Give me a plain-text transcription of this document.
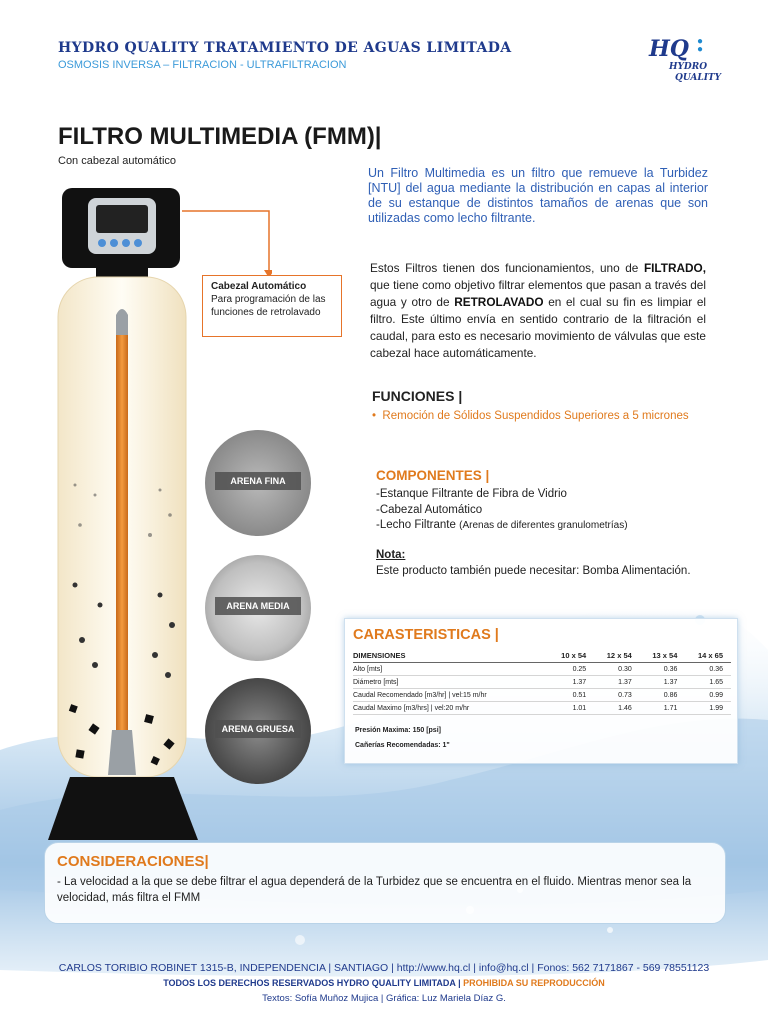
HYDRO QUALITY TRATAMIENTO DE AGUAS LIMITADA
OSMOSIS INVERSA – FILTRACION - ULTRAFILTRACION
HQ ●
●
HYDRO
QUALITY
FILTRO MULTIMEDIA (FMM)|
Con cabezal automático
Cabezal Automático
Para programación de las funciones de retrolavado
ARENA FINA
ARENA MEDIA
ARENA GRUESA
Un Filtro Multimedia es un filtro que remueve la Turbidez [NTU] del agua mediante la distribución en capas al interior de su estanque de distintos tamaños de arenas que son utilizadas como lecho filtrante.
Estos Filtros tienen dos funcionamientos, uno de FILTRADO, que tiene como objetivo filtrar elementos que pasan a través del agua y otro de RETROLAVADO en el cual su fin es limpiar el filtro. Este último envía en sentido contrario de la filtración el caudal, para esto es necesario movimiento de válvulas que este cabezal hace automáticamente.
FUNCIONES |
•  Remoción de Sólidos Suspendidos Superiores a 5 micrones
COMPONENTES |
-Estanque Filtrante de Fibra de Vidrio
-Cabezal Automático
-Lecho Filtrante (Arenas de diferentes granulometrías)
Nota:
Este producto también puede necesitar: Bomba Alimentación.
CARASTERISTICAS |
DIMENSIONES	10 x 54	12 x 54	13 x 54	14 x 65
Alto [mts]	0.25	0.30	0.36	0.36
Diámetro [mts]	1.37	1.37	1.37	1.65
Caudal Recomendado [m3/hr] | vel:15 m/hr	0.51	0.73	0.86	0.99
Caudal Maximo [m3/hrs] | vel:20 m/hr	1.01	1.46	1.71	1.99
Presión Maxima: 150 [psi]
Cañerías Recomendadas: 1"
CONSIDERACIONES|
- La velocidad a la que se debe filtrar el agua dependerá de la Turbidez que se encuentra en el fluido. Mientras menor sea la velocidad, más filtra el FMM
CARLOS TORIBIO ROBINET 1315-B, INDEPENDENCIA | SANTIAGO | http://www.hq.cl | info@hq.cl | Fonos: 562 7171867 - 569 78551123
TODOS LOS DERECHOS RESERVADOS HYDRO QUALITY LIMITADA | PROHIBIDA SU REPRODUCCIÓN
Textos: Sofía Muñoz Mujica | Gráfica: Luz Mariela Díaz G.
